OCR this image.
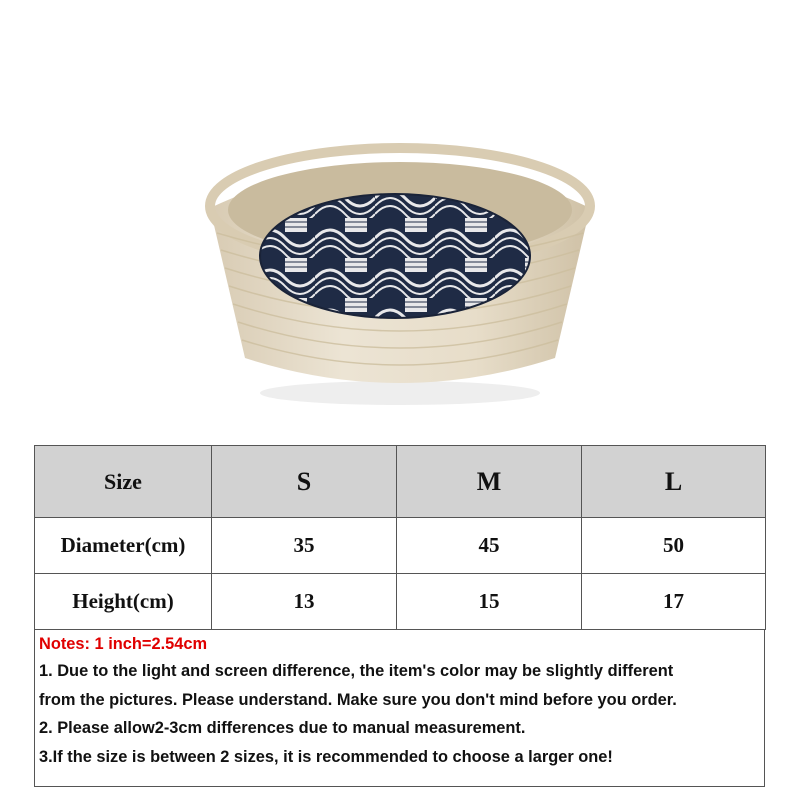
Size	S	M	L
Diameter(cm)	35	45	50
Height(cm)	13	15	17
Notes: 1 inch=2.54cm
1. Due to the light and screen difference, the item's color may be slightly different
from the pictures. Please understand. Make sure you don't mind before you order.
2. Please allow2-3cm differences due to manual measurement.
3.If the size is between 2 sizes, it is recommended to choose a larger one!
